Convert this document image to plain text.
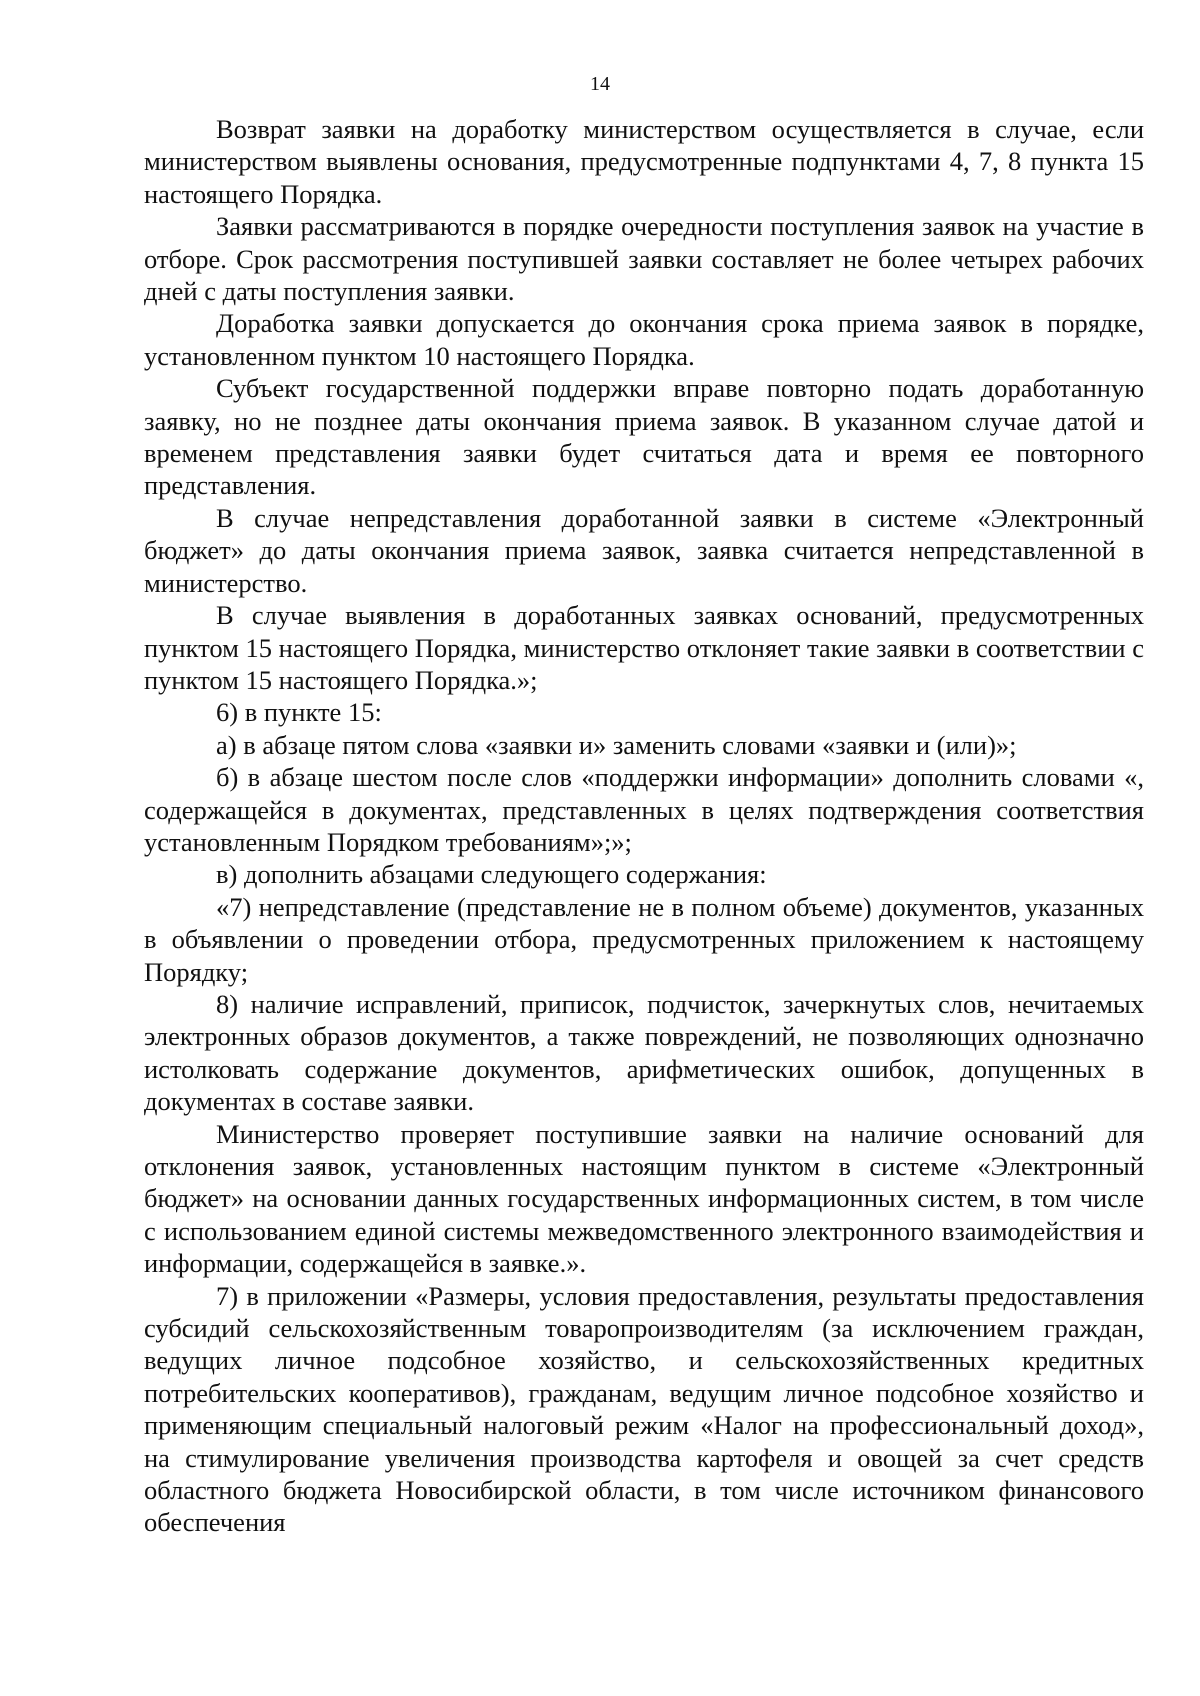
14

Возврат заявки на доработку министерством осуществляется в случае, если министерством выявлены основания, предусмотренные подпунктами 4, 7, 8 пункта 15 настоящего Порядка.

Заявки рассматриваются в порядке очередности поступления заявок на участие в отборе. Срок рассмотрения поступившей заявки составляет не более четырех рабочих дней с даты поступления заявки.

Доработка заявки допускается до окончания срока приема заявок в порядке, установленном пунктом 10 настоящего Порядка.

Субъект государственной поддержки вправе повторно подать доработанную заявку, но не позднее даты окончания приема заявок. В указанном случае датой и временем представления заявки будет считаться дата и время ее повторного представления.

В случае непредставления доработанной заявки в системе «Электронный бюджет» до даты окончания приема заявок, заявка считается непредставленной в министерство.

В случае выявления в доработанных заявках оснований, предусмотренных пунктом 15 настоящего Порядка, министерство отклоняет такие заявки в соответствии с пунктом 15 настоящего Порядка.»;

6) в пункте 15:

а) в абзаце пятом слова «заявки и» заменить словами «заявки и (или)»;

б) в абзаце шестом после слов «поддержки информации» дополнить словами «, содержащейся в документах, представленных в целях подтверждения соответствия установленным Порядком требованиям»;»;

в) дополнить абзацами следующего содержания:

«7) непредставление (представление не в полном объеме) документов, указанных в объявлении о проведении отбора, предусмотренных приложением к настоящему Порядку;

8) наличие исправлений, приписок, подчисток, зачеркнутых слов, нечитаемых электронных образов документов, а также повреждений, не позволяющих однозначно истолковать содержание документов, арифметических ошибок, допущенных в документах в составе заявки.

Министерство проверяет поступившие заявки на наличие оснований для отклонения заявок, установленных настоящим пунктом в системе «Электронный бюджет» на основании данных государственных информационных систем, в том числе с использованием единой системы межведомственного электронного взаимодействия и информации, содержащейся в заявке.».

7) в приложении «Размеры, условия предоставления, результаты предоставления субсидий сельскохозяйственным товаропроизводителям (за исключением граждан, ведущих личное подсобное хозяйство, и сельскохозяйственных кредитных потребительских кооперативов), гражданам, ведущим личное подсобное хозяйство и применяющим специальный налоговый режим «Налог на профессиональный доход», на стимулирование увеличения производства картофеля и овощей за счет средств областного бюджета Новосибирской области, в том числе источником финансового обеспечения
